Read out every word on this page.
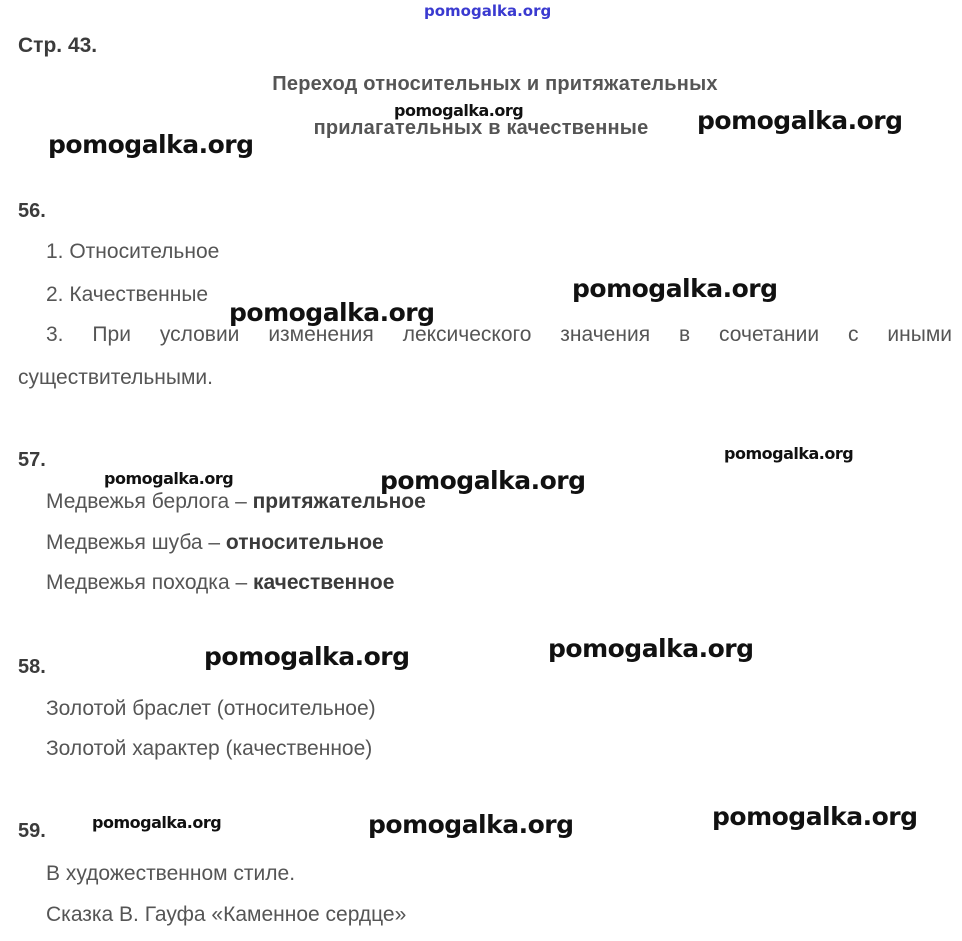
pomogalka.org
Стр. 43.
Переход относительных и притяжательных
прилагательных в качественные
56.
1. Относительное
2. Качественные
3. При условии изменения лексического значения в сочетании с иными
существительными.
57.
Медвежья берлога – притяжательное
Медвежья шуба – относительное
Медвежья походка – качественное
58.
Золотой браслет (относительное)
Золотой характер (качественное)
59.
В художественном стиле.
Сказка В. Гауфа «Каменное сердце»
pomogalka.org	pomogalka.org
pomogalka.org
pomogalka.org
pomogalka.org
pomogalka.org
pomogalka.org	pomogalka.org
pomogalka.org
pomogalka.org
pomogalka.org
pomogalka.org	pomogalka.org
